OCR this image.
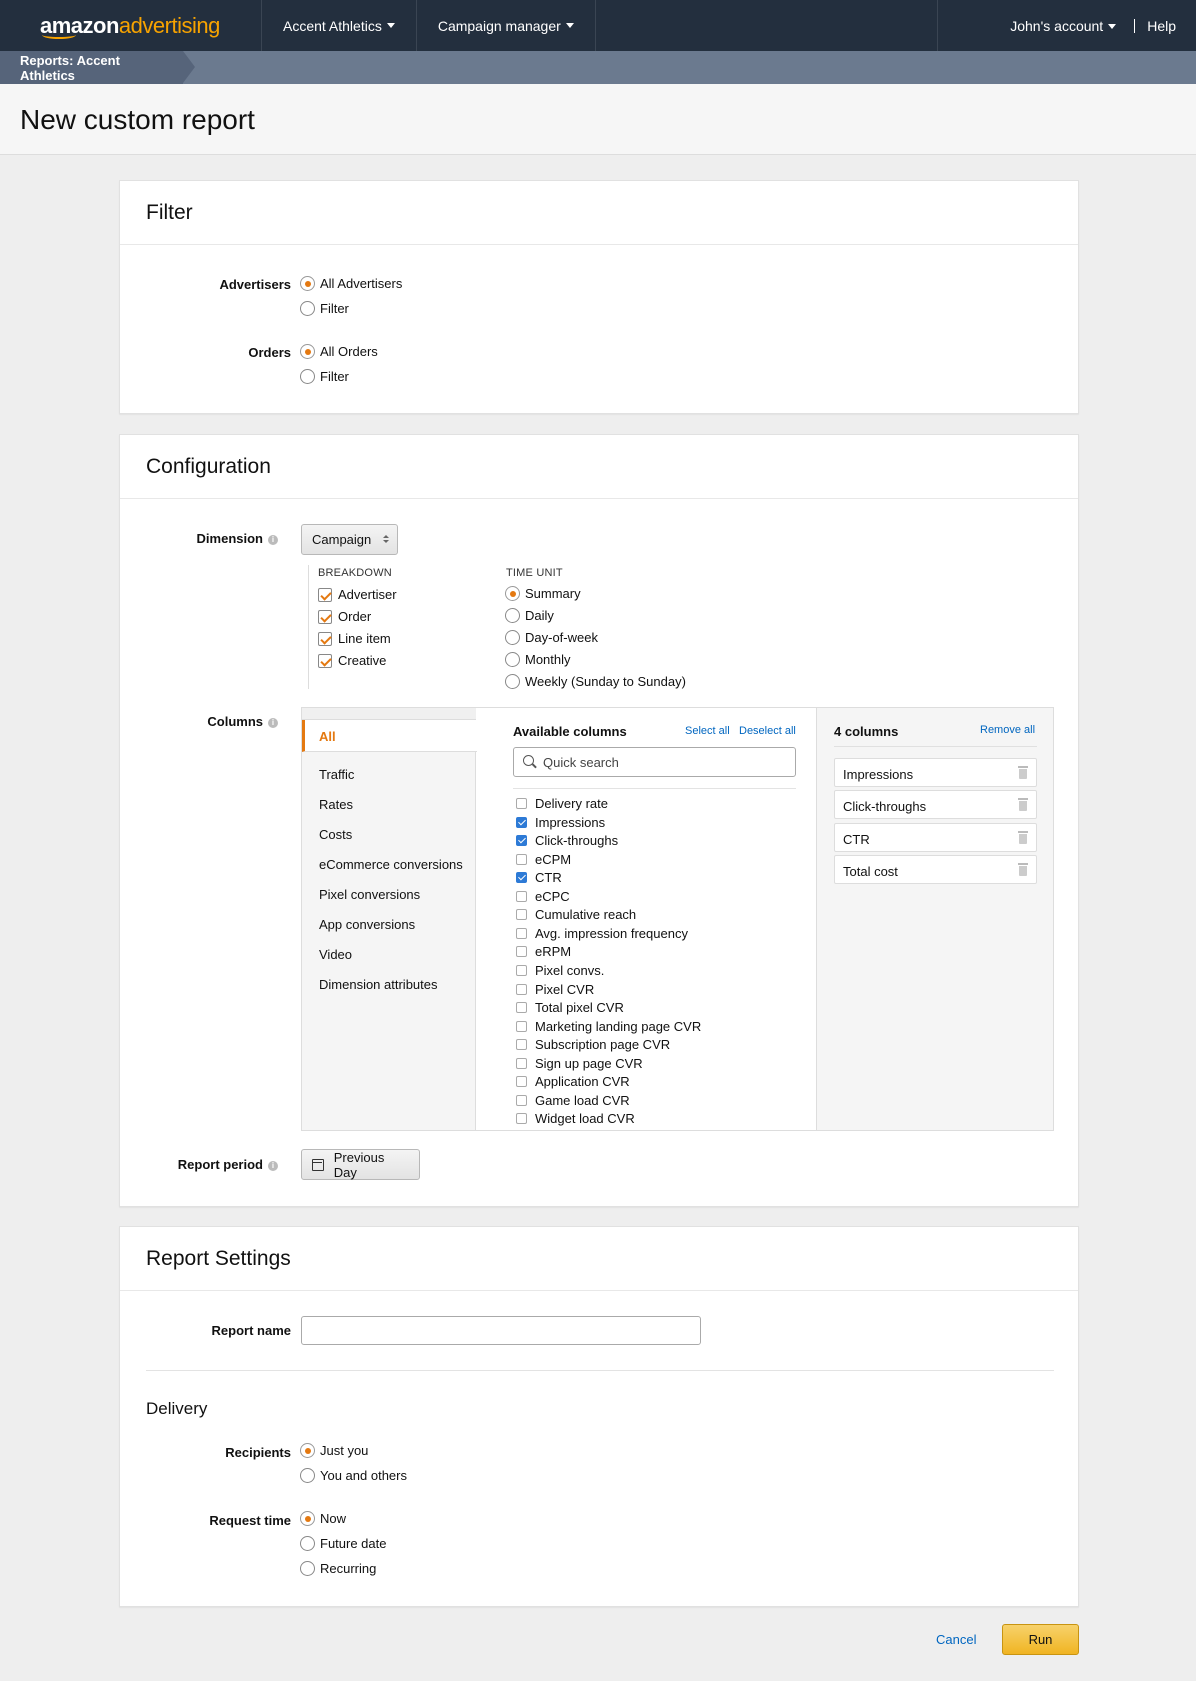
amazonadvertising	Accent Athletics	Campaign manager	John's account	Help
Reports: Accent Athletics
New custom report
Filter
Advertisers All Advertisers
Filter
Orders All Orders
Filter
Configuration
Dimension i	Campaign
BREAKDOWN
Advertiser
Order
Line item
Creative
TIME UNIT
Summary
Daily
Day-of-week
Monthly
Weekly (Sunday to Sunday)
Columns i
All
Traffic
Rates
Costs
eCommerce conversions
Pixel conversions
App conversions
Video
Dimension attributes
Available columns	Select all Deselect all
Quick search
Delivery rate
Impressions
Click-throughs
eCPM
CTR
eCPC
Cumulative reach
Avg. impression frequency
eRPM
Pixel convs.
Pixel CVR
Total pixel CVR
Marketing landing page CVR
Subscription page CVR
Sign up page CVR
Application CVR
Game load CVR
Widget load CVR
4 columns	Remove all
Impressions
Click-throughs
CTR
Total cost
Report period i
Previous Day
Report Settings
Report name
Delivery
Recipients Just you
You and others
Request time Now
Future date
Recurring
Cancel	Run
